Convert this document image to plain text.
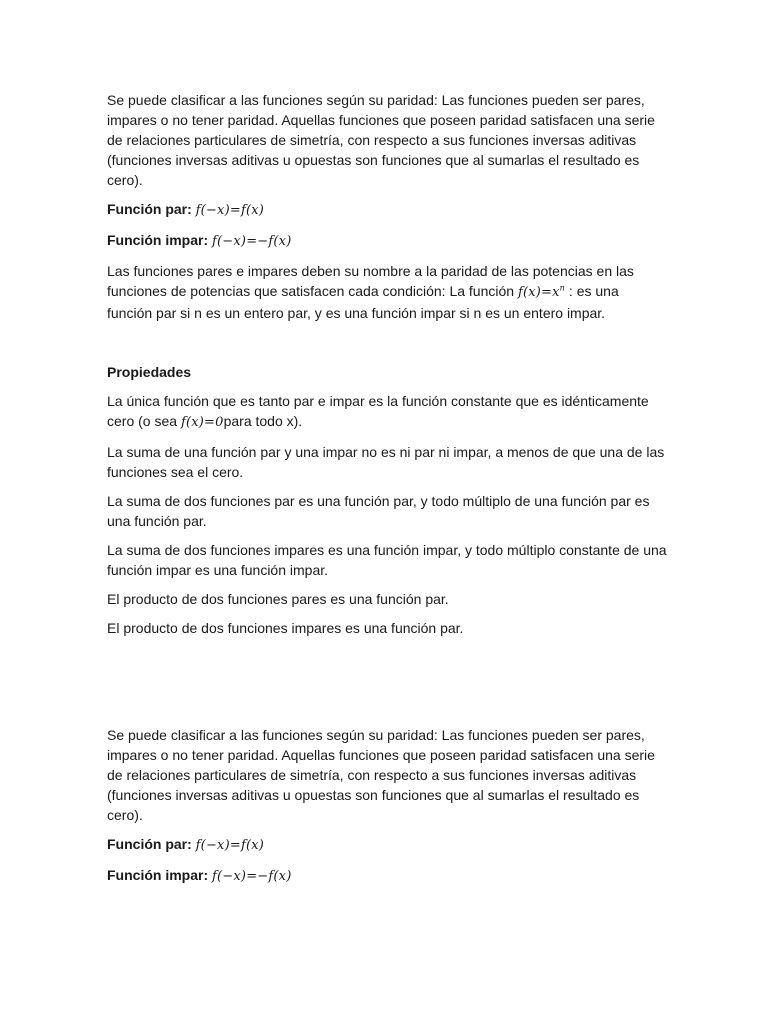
Se puede clasificar a las funciones según su paridad: Las funciones pueden ser pares, impares o no tener paridad. Aquellas funciones que poseen paridad satisfacen una serie de relaciones particulares de simetría, con respecto a sus funciones inversas aditivas (funciones inversas aditivas u opuestas son funciones que al sumarlas el resultado es cero).

Función par: f(−x)=f(x)

Función impar: f(−x)=−f(x)

Las funciones pares e impares deben su nombre a la paridad de las potencias en las funciones de potencias que satisfacen cada condición: La función $f(x)=x^n$ : es una función par si n es un entero par, y es una función impar si n es un entero impar.

Propiedades

La única función que es tanto par e impar es la función constante que es idénticamente cero (o sea f(x)=0para todo x).

La suma de una función par y una impar no es ni par ni impar, a menos de que una de las funciones sea el cero.

La suma de dos funciones par es una función par, y todo múltiplo de una función par es una función par.

La suma de dos funciones impares es una función impar, y todo múltiplo constante de una función impar es una función impar.

El producto de dos funciones pares es una función par.

El producto de dos funciones impares es una función par.

Se puede clasificar a las funciones según su paridad: Las funciones pueden ser pares, impares o no tener paridad. Aquellas funciones que poseen paridad satisfacen una serie de relaciones particulares de simetría, con respecto a sus funciones inversas aditivas (funciones inversas aditivas u opuestas son funciones que al sumarlas el resultado es cero).

Función par: f(−x)=f(x)

Función impar: f(−x)=−f(x)
